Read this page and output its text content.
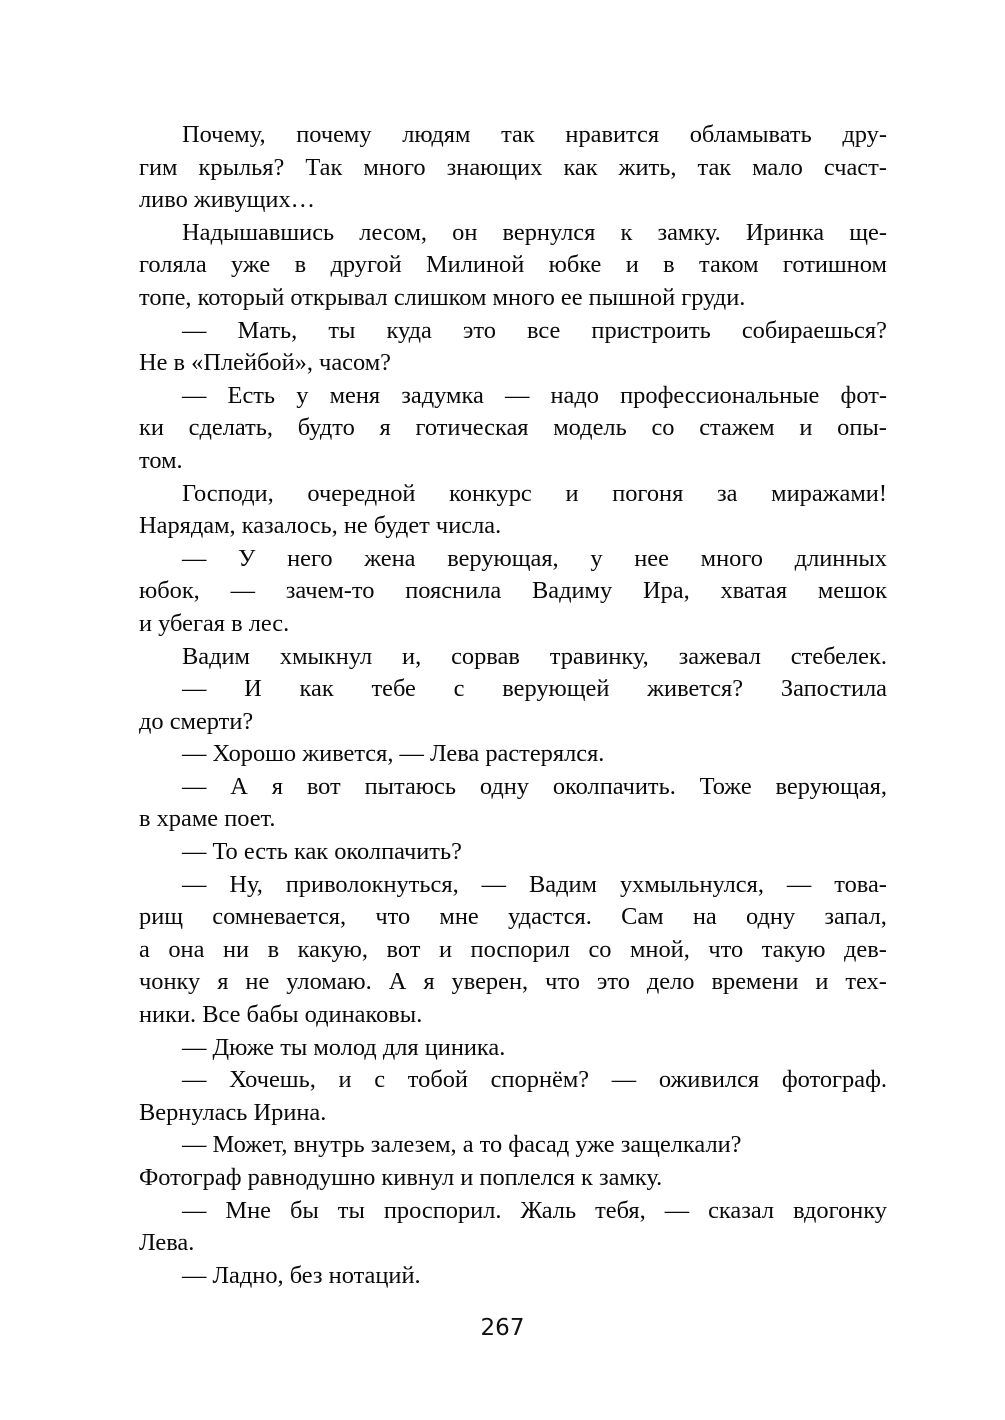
Почему, почему людям так нравится обламывать дру-
гим крылья? Так много знающих как жить, так мало счаст-
ливо живущих…
Надышавшись лесом, он вернулся к замку. Иринка ще-
голяла уже в другой Милиной юбке и в таком готишном
топе, который открывал слишком много ее пышной груди.
— Мать, ты куда это все пристроить собираешься?
Не в «Плейбой», часом?
— Есть у меня задумка — надо профессиональные фот-
ки сделать, будто я готическая модель со стажем и опы-
том.
Господи, очередной конкурс и погоня за миражами!
Нарядам, казалось, не будет числа.
— У него жена верующая, у нее много длинных
юбок, — зачем-то пояснила Вадиму Ира, хватая мешок
и убегая в лес.
Вадим хмыкнул и, сорвав травинку, зажевал стебелек.
— И как тебе с верующей живется? Запостила
до смерти?
— Хорошо живется, — Лева растерялся.
— А я вот пытаюсь одну околпачить. Тоже верующая,
в храме поет.
— То есть как околпачить?
— Ну, приволокнуться, — Вадим ухмыльнулся, — това-
рищ сомневается, что мне удастся. Сам на одну запал,
а она ни в какую, вот и поспорил со мной, что такую дев-
чонку я не уломаю. А я уверен, что это дело времени и тех-
ники. Все бабы одинаковы.
— Дюже ты молод для циника.
— Хочешь, и с тобой спорнём? — оживился фотограф.
Вернулась Ирина.
— Может, внутрь залезем, а то фасад уже защелкали?
Фотограф равнодушно кивнул и поплелся к замку.
— Мне бы ты проспорил. Жаль тебя, — сказал вдогонку
Лева.
— Ладно, без нотаций.
267
